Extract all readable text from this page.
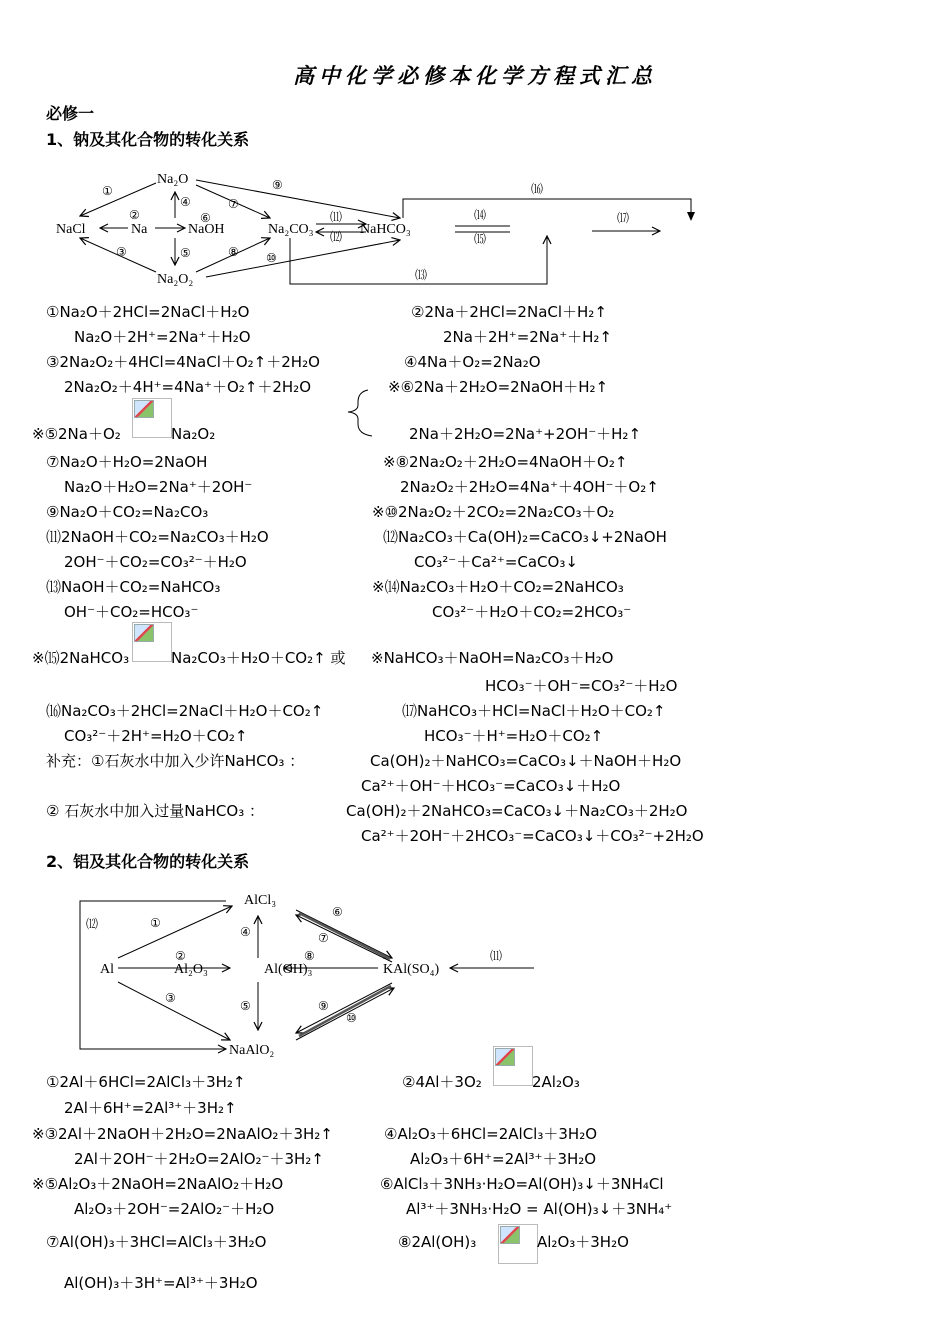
高中化学必修本化学方程式汇总
必修一
1、钠及其化合物的转化关系
Na₂O
NaCl	Na	NaOH	Na₂CO₃	NaHCO₃
Na₂O₂
①
②
③
④
⑤
⑥
⑦
⑧
⑨
⑩
⑾
⑿
⒀
⒁
⒂
⒃
⒄
①Na₂O＋2HCl=2NaCl＋H₂O
Na₂O＋2H⁺=2Na⁺＋H₂O
②2Na＋2HCl=2NaCl＋H₂↑
2Na＋2H⁺=2Na⁺＋H₂↑
③2Na₂O₂＋4HCl=4NaCl＋O₂↑＋2H₂O
2Na₂O₂＋4H⁺=4Na⁺＋O₂↑＋2H₂O
④4Na＋O₂=2Na₂O
※⑥2Na＋2H₂O=2NaOH＋H₂↑
※⑤2Na＋O₂	Na₂O₂	2Na＋2H₂O=2Na⁺+2OH⁻＋H₂↑
⑦Na₂O＋H₂O=2NaOH
Na₂O＋H₂O=2Na⁺＋2OH⁻
※⑧2Na₂O₂＋2H₂O=4NaOH＋O₂↑
2Na₂O₂＋2H₂O=4Na⁺＋4OH⁻＋O₂↑
⑨Na₂O＋CO₂=Na₂CO₃	※⑩2Na₂O₂＋2CO₂=2Na₂CO₃＋O₂
⑾2NaOH＋CO₂=Na₂CO₃＋H₂O
2OH⁻＋CO₂=CO₃²⁻＋H₂O
⑿Na₂CO₃＋Ca(OH)₂=CaCO₃↓+2NaOH
CO₃²⁻＋Ca²⁺=CaCO₃↓
⒀NaOH＋CO₂=NaHCO₃
OH⁻＋CO₂=HCO₃⁻
※⒁Na₂CO₃＋H₂O＋CO₂=2NaHCO₃
CO₃²⁻＋H₂O＋CO₂=2HCO₃⁻
※⒂2NaHCO₃	Na₂CO₃＋H₂O＋CO₂↑ 或 ※NaHCO₃＋NaOH=Na₂CO₃＋H₂O
HCO₃⁻＋OH⁻=CO₃²⁻＋H₂O
⒃Na₂CO₃＋2HCl=2NaCl＋H₂O＋CO₂↑
CO₃²⁻＋2H⁺=H₂O＋CO₂↑
⒄NaHCO₃＋HCl=NaCl＋H₂O＋CO₂↑
HCO₃⁻＋H⁺=H₂O＋CO₂↑
补充：①石灰水中加入少许NaHCO₃ ：	Ca(OH)₂＋NaHCO₃=CaCO₃↓＋NaOH＋H₂O
Ca²⁺＋OH⁻＋HCO₃⁻=CaCO₃↓＋H₂O
② 石灰水中加入过量NaHCO₃ ：	Ca(OH)₂＋2NaHCO₃=CaCO₃↓＋Na₂CO₃＋2H₂O
Ca²⁺＋2OH⁻＋2HCO₃⁻=CaCO₃↓＋CO₃²⁻+2H₂O
2、铝及其化合物的转化关系
AlCl₃
Al	Al₂O₃	Al(OH)₃	KAl(SO₄)
NaAlO₂
①
②
③
④
⑤
⑥
⑦
⑧
⑨
⑩
⑾
⑿
①2Al＋6HCl=2AlCl₃＋3H₂↑
2Al＋6H⁺=2Al³⁺＋3H₂↑
②4Al＋3O₂	2Al₂O₃
※③2Al＋2NaOH＋2H₂O=2NaAlO₂＋3H₂↑
2Al＋2OH⁻＋2H₂O=2AlO₂⁻＋3H₂↑
④Al₂O₃＋6HCl=2AlCl₃＋3H₂O
Al₂O₃＋6H⁺=2Al³⁺＋3H₂O
※⑤Al₂O₃＋2NaOH=2NaAlO₂＋H₂O
Al₂O₃＋2OH⁻=2AlO₂⁻＋H₂O
⑥AlCl₃＋3NH₃·H₂O=Al(OH)₃↓＋3NH₄Cl
Al³⁺＋3NH₃·H₂O = Al(OH)₃↓＋3NH₄⁺
⑦Al(OH)₃＋3HCl=AlCl₃＋3H₂O
Al(OH)₃＋3H⁺=Al³⁺＋3H₂O
⑧2Al(OH)₃	Al₂O₃＋3H₂O
